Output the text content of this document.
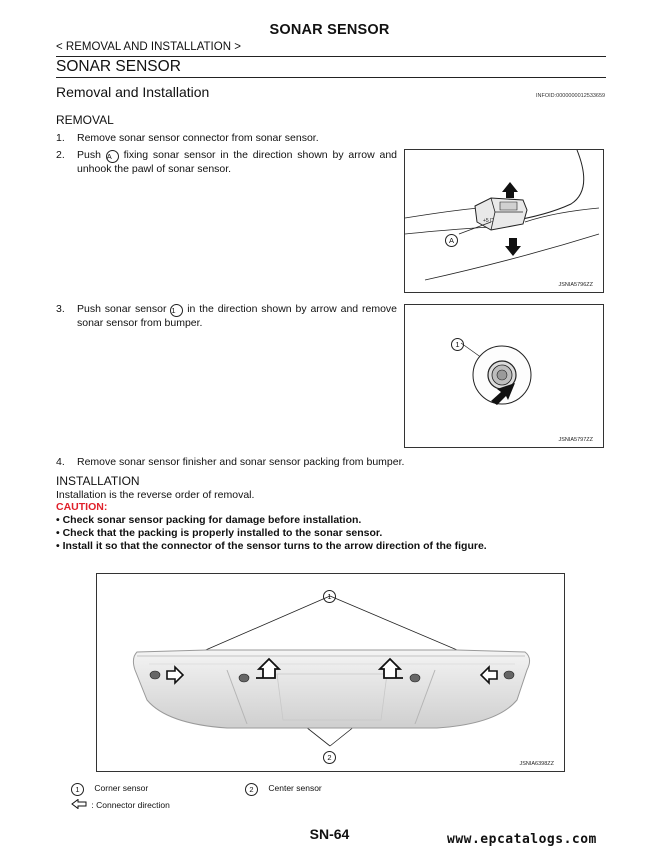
SONAR SENSOR
< REMOVAL AND INSTALLATION >
SONAR SENSOR
Removal and Installation	INFOID:0000000012533659
REMOVAL
1. Remove sonar sensor connector from sonar sensor.
2. Push A fixing sonar sensor in the direction shown by arrow and unhook the pawl of sonar sensor.
3. Push sonar sensor 1 in the direction shown by arrow and remove sonar sensor from bumper.
4. Remove sonar sensor finisher and sonar sensor packing from bumper.
+5 D
A
JSNIA5796ZZ
1
JSNIA5797ZZ
INSTALLATION
Installation is the reverse order of removal.
CAUTION:
• Check sonar sensor packing for damage before installation.
• Check that the packing is properly installed to the sonar sensor.
• Install it so that the connector of the sensor turns to the arrow direction of the figure.
1
2
JSNIA6398ZZ
1 Corner sensor	2 Center sensor
: Connector direction
SN-64	www.epcatalogs.com
